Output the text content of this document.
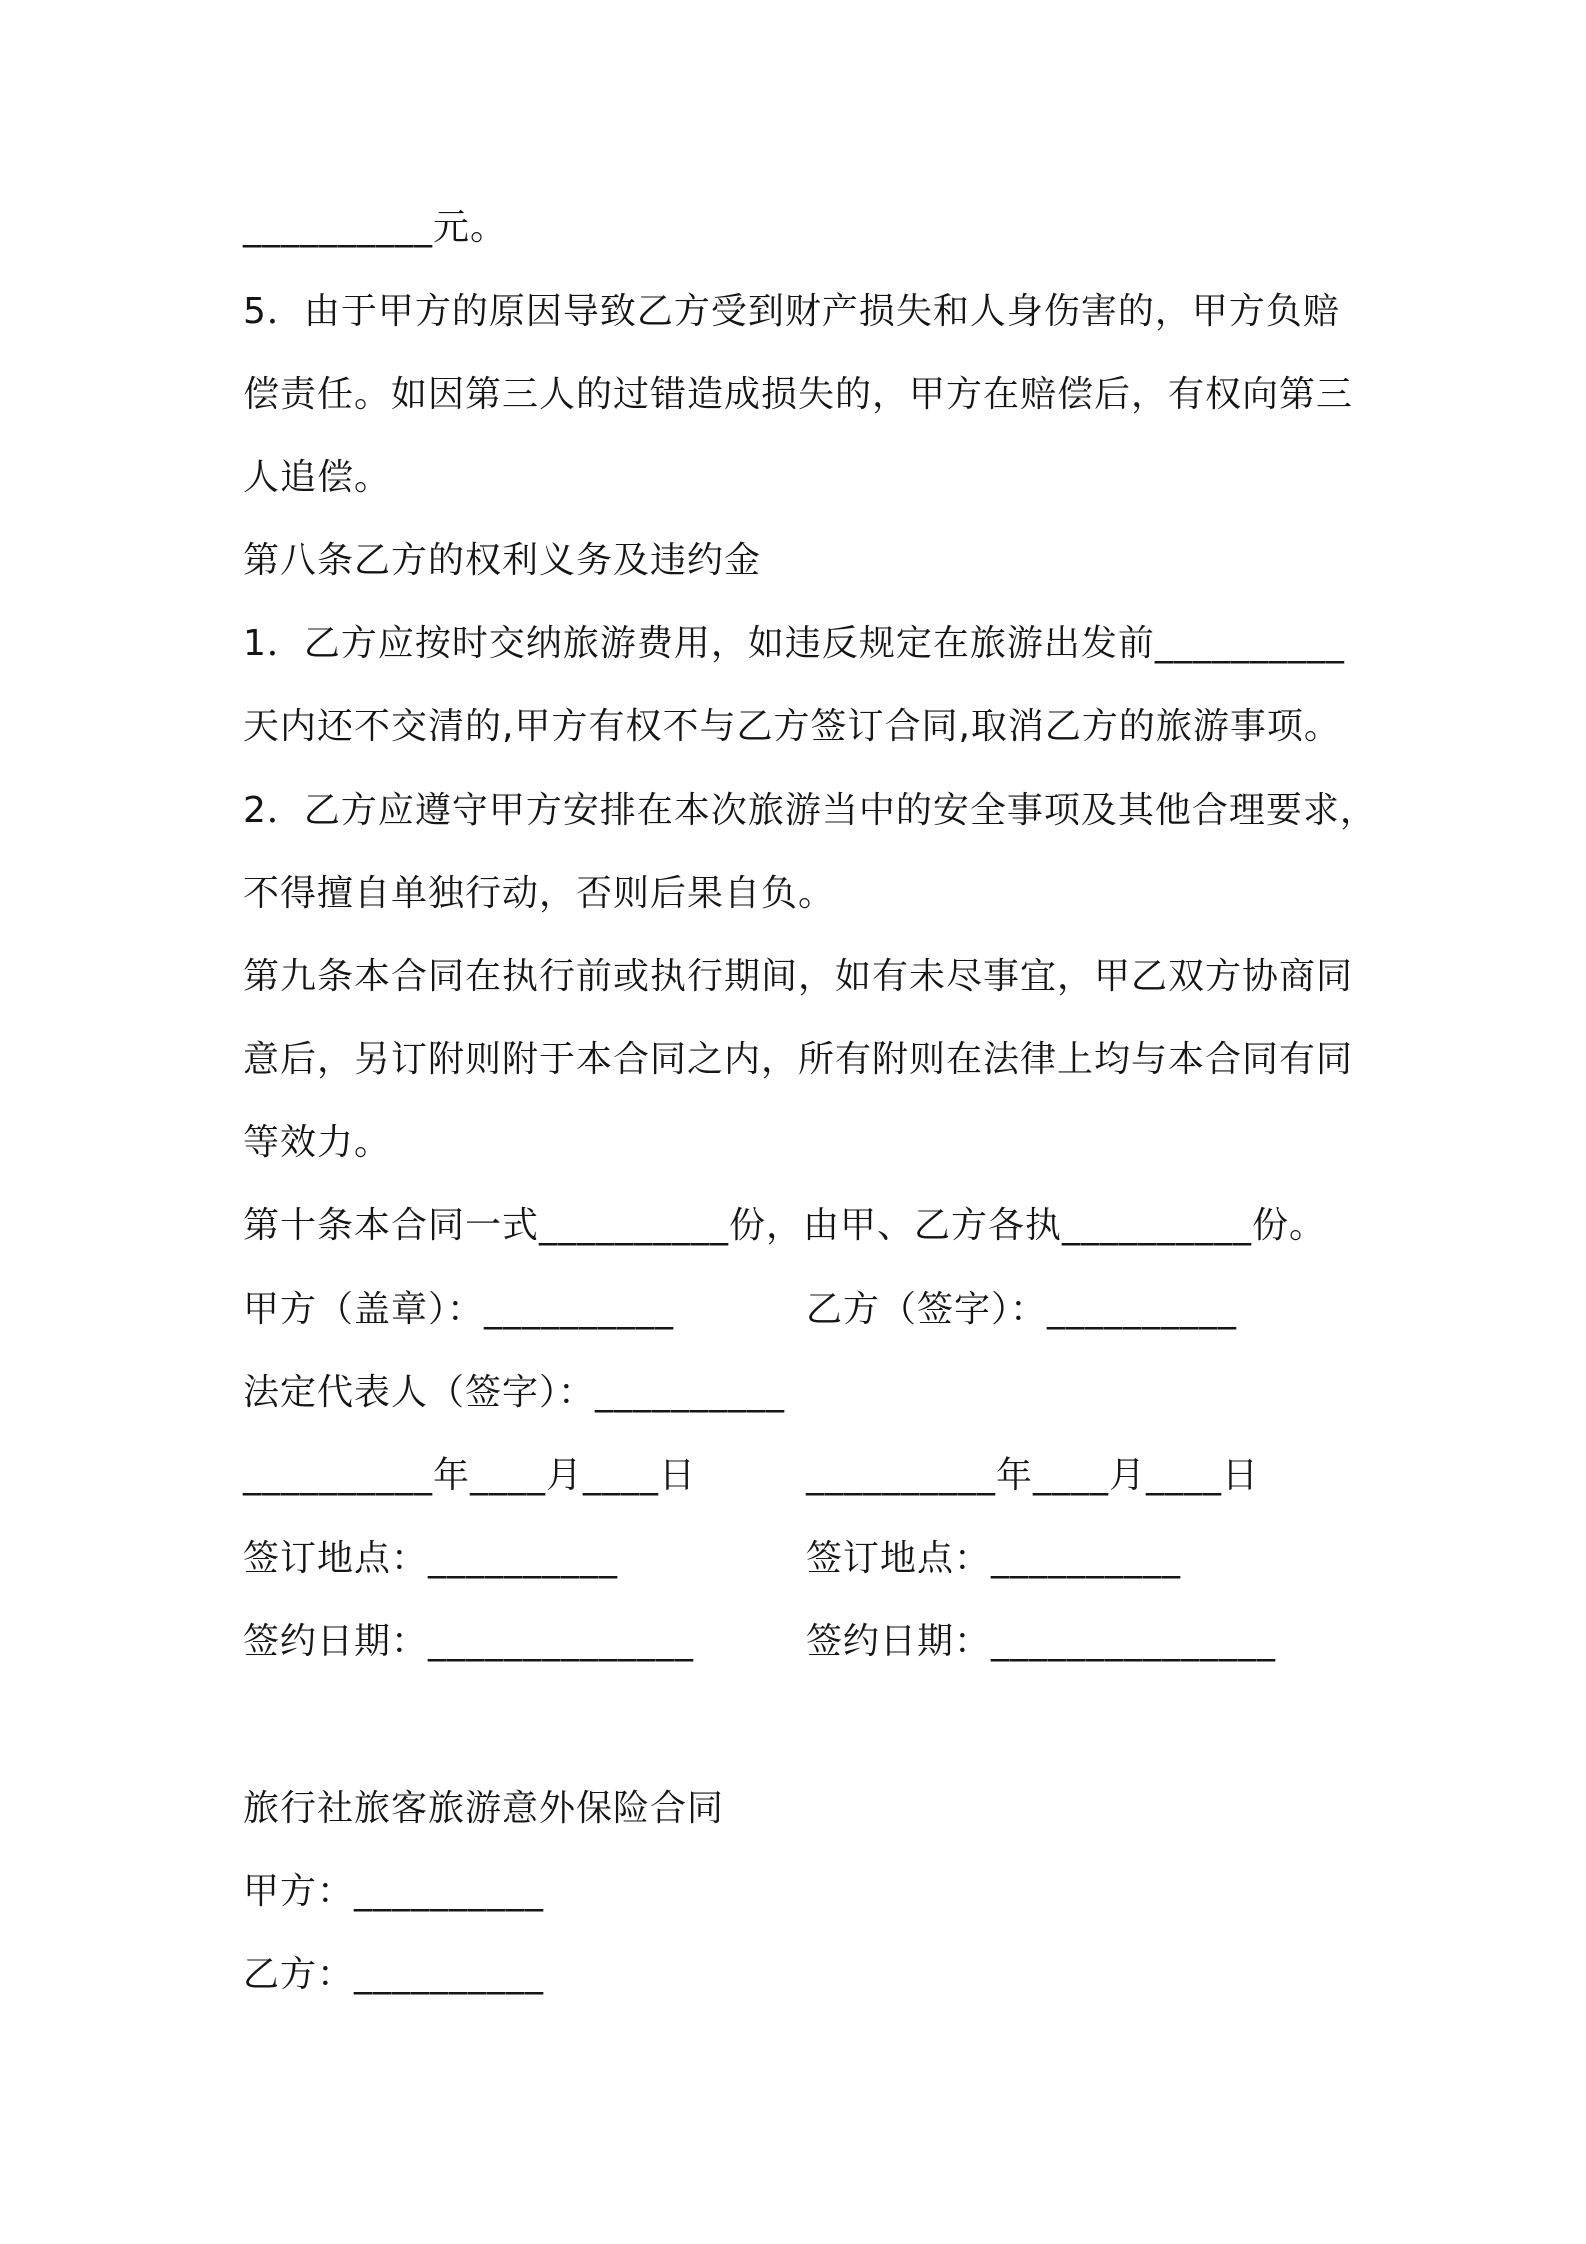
__________元。
5．由于甲方的原因导致乙方受到财产损失和人身伤害的，甲方负赔
偿责任。如因第三人的过错造成损失的，甲方在赔偿后，有权向第三
人追偿。
第八条乙方的权利义务及违约金
1．乙方应按时交纳旅游费用，如违反规定在旅游出发前__________
天内还不交清的,甲方有权不与乙方签订合同,取消乙方的旅游事项。
2．乙方应遵守甲方安排在本次旅游当中的安全事项及其他合理要求，
不得擅自单独行动，否则后果自负。
第九条本合同在执行前或执行期间，如有未尽事宜，甲乙双方协商同
意后，另订附则附于本合同之内，所有附则在法律上均与本合同有同
等效力。
第十条本合同一式__________份，由甲、乙方各执__________份。
甲方（盖章）：__________	乙方（签字）：__________
法定代表人（签字）：__________
__________年____月____日	__________年____月____日
签订地点：__________	签订地点：__________
签约日期：______________	签约日期：_______________
旅行社旅客旅游意外保险合同
甲方：__________
乙方：__________
